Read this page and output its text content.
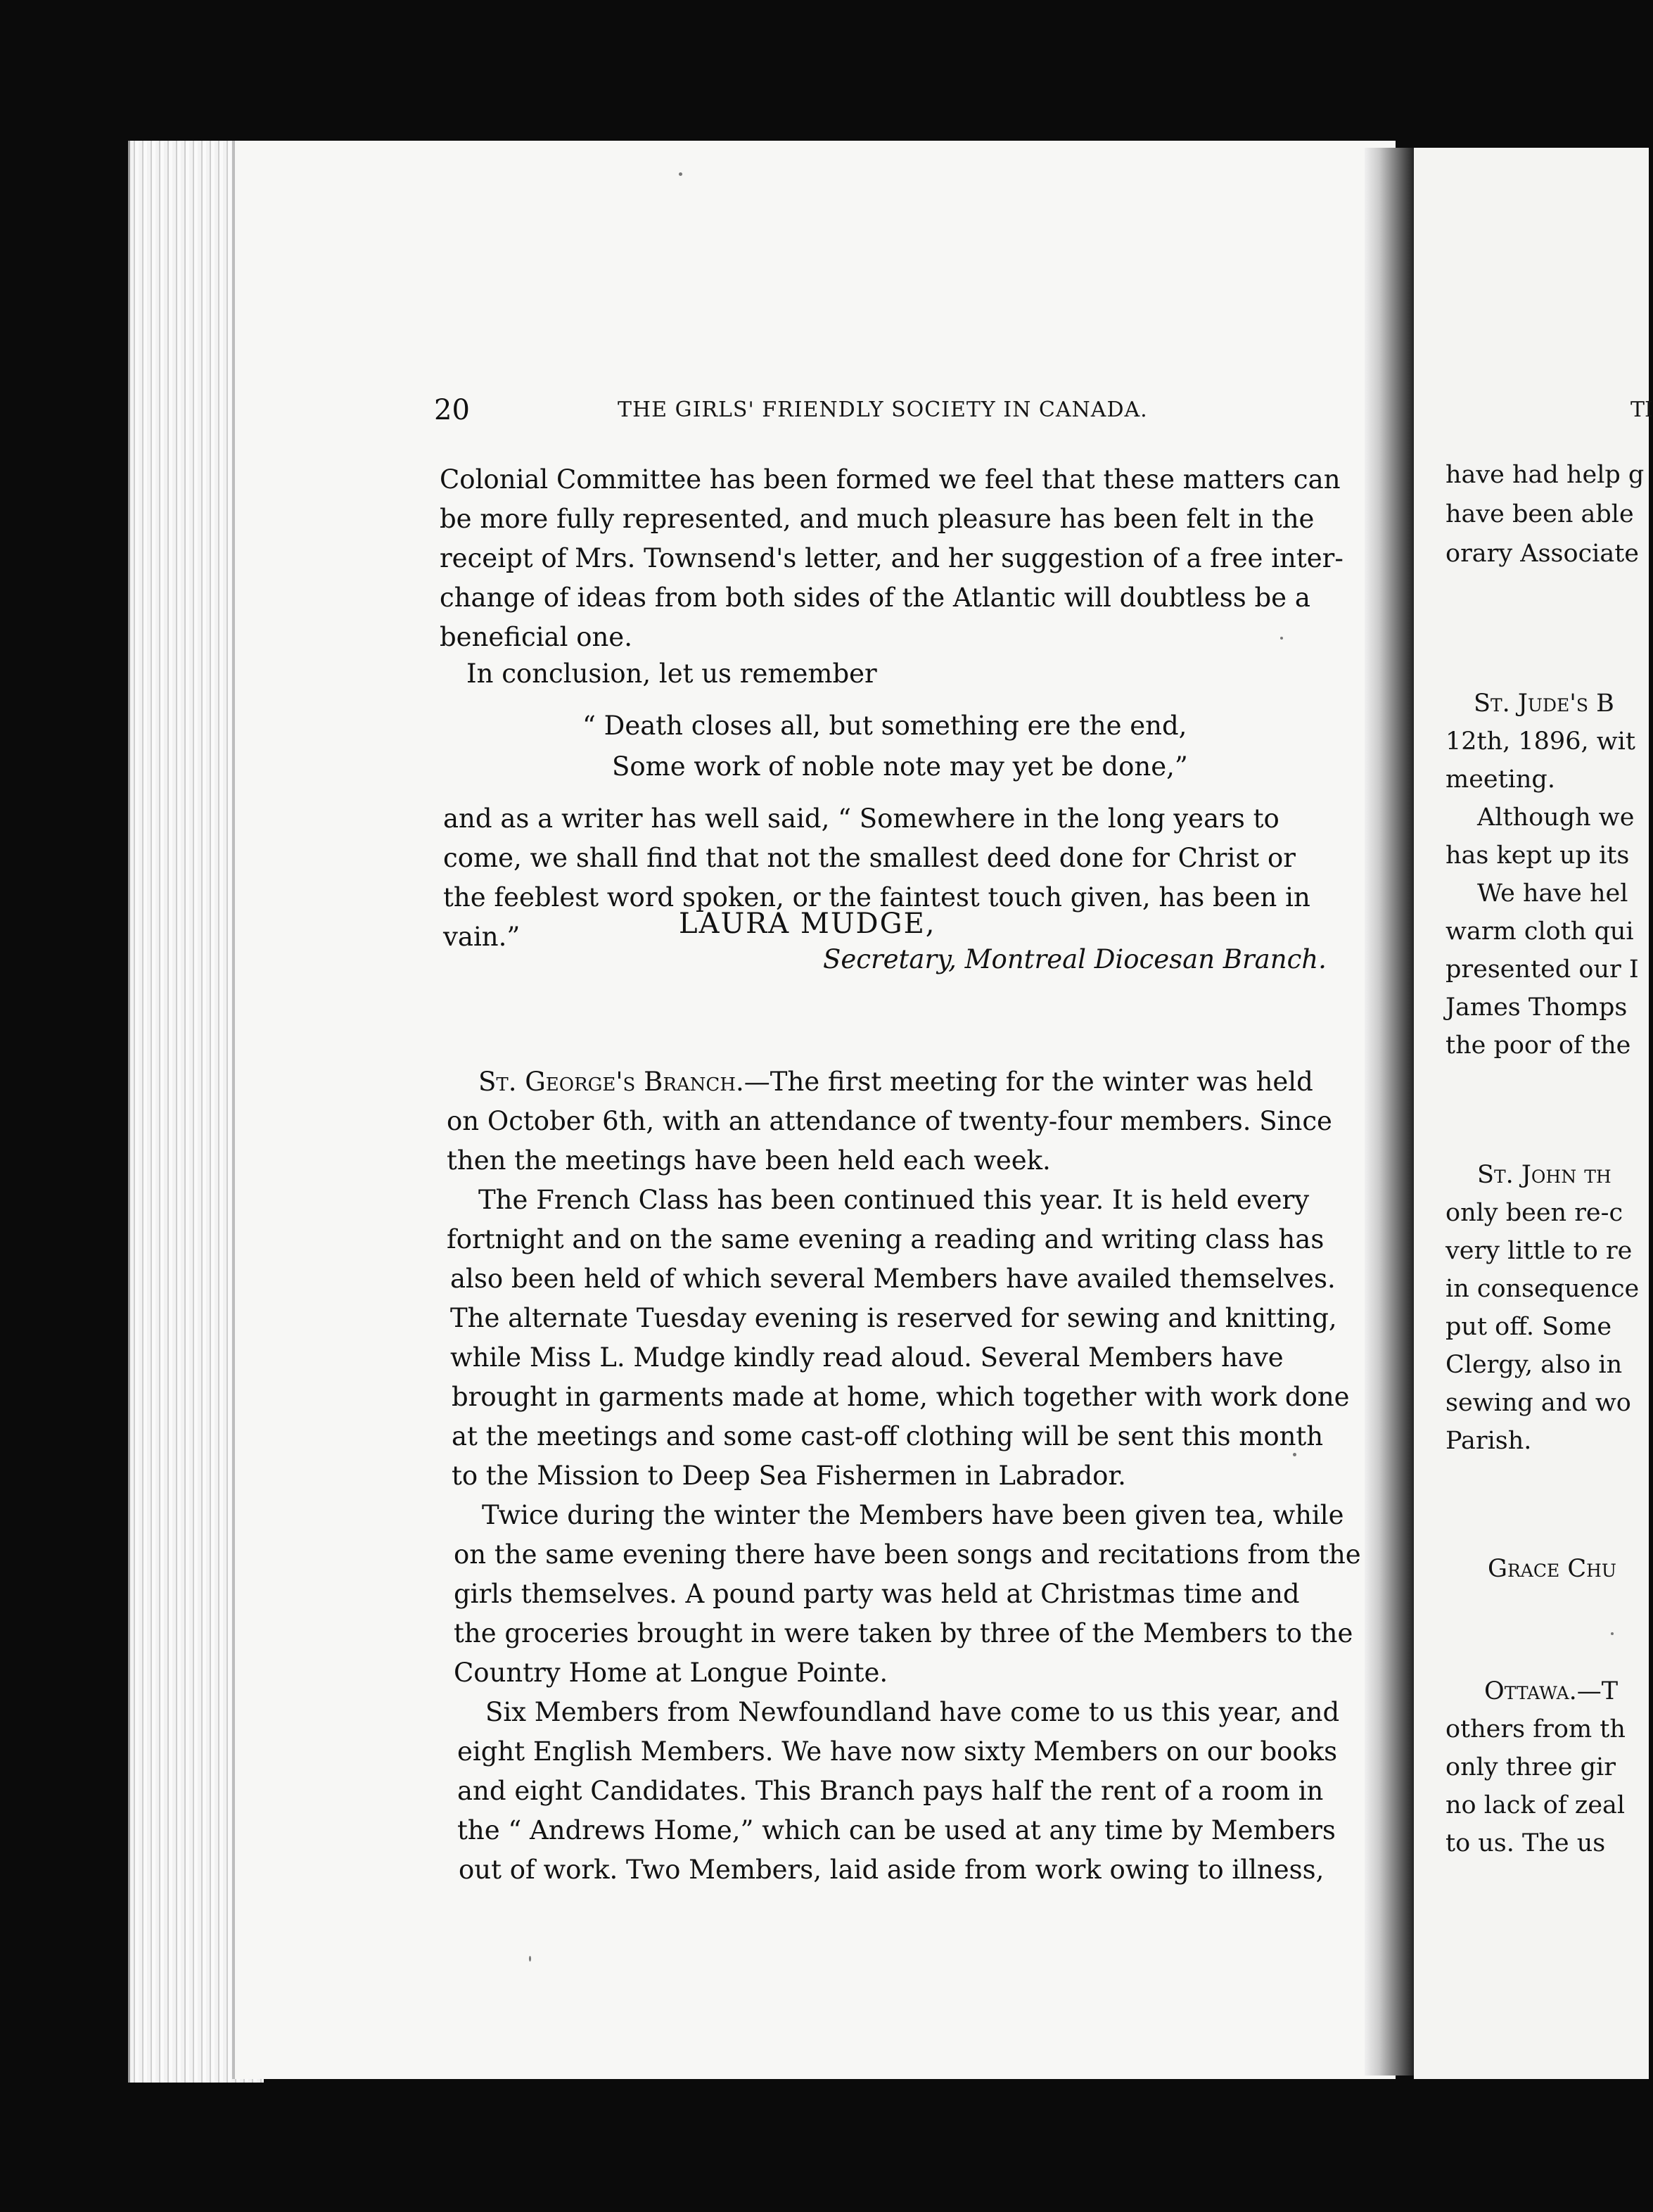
20	THE GIRLS' FRIENDLY SOCIETY IN CANADA.
Colonial Committee has been formed we feel that these matters can
be more fully represented, and much pleasure has been felt in the
receipt of Mrs. Townsend's letter, and her suggestion of a free inter-
change of ideas from both sides of the Atlantic will doubtless be a
beneficial one.
In conclusion, let us remember
“ Death closes all, but something ere the end,
Some work of noble note may yet be done,”
and as a writer has well said, “ Somewhere in the long years to
come, we shall find that not the smallest deed done for Christ or
the feeblest word spoken, or the faintest touch given, has been in
vain.”	LAURA MUDGE,
Secretary, Montreal Diocesan Branch.
St. George's Branch.—The first meeting for the winter was held
on October 6th, with an attendance of twenty-four members. Since
then the meetings have been held each week.
The French Class has been continued this year. It is held every
fortnight and on the same evening a reading and writing class has
also been held of which several Members have availed themselves.
The alternate Tuesday evening is reserved for sewing and knitting,
while Miss L. Mudge kindly read aloud. Several Members have
brought in garments made at home, which together with work done
at the meetings and some cast-off clothing will be sent this month
to the Mission to Deep Sea Fishermen in Labrador.
Twice during the winter the Members have been given tea, while
on the same evening there have been songs and recitations from the
girls themselves. A pound party was held at Christmas time and
the groceries brought in were taken by three of the Members to the
Country Home at Longue Pointe.
Six Members from Newfoundland have come to us this year, and
eight English Members. We have now sixty Members on our books
and eight Candidates. This Branch pays half the rent of a room in
the “ Andrews Home,” which can be used at any time by Members
out of work. Two Members, laid aside from work owing to illness,
TI
have had help g
have been able
orary Associate
St. Jude's B
12th, 1896, wit
meeting.
Although we
has kept up its
We have hel
warm cloth qui
presented our I
James Thomps
the poor of the
St. John th
only been re-c
very little to re
in consequence
put off. Some
Clergy, also in
sewing and wo
Parish.
Grace Chu
Ottawa.—T
others from th
only three gir
no lack of zeal
to us. The us
